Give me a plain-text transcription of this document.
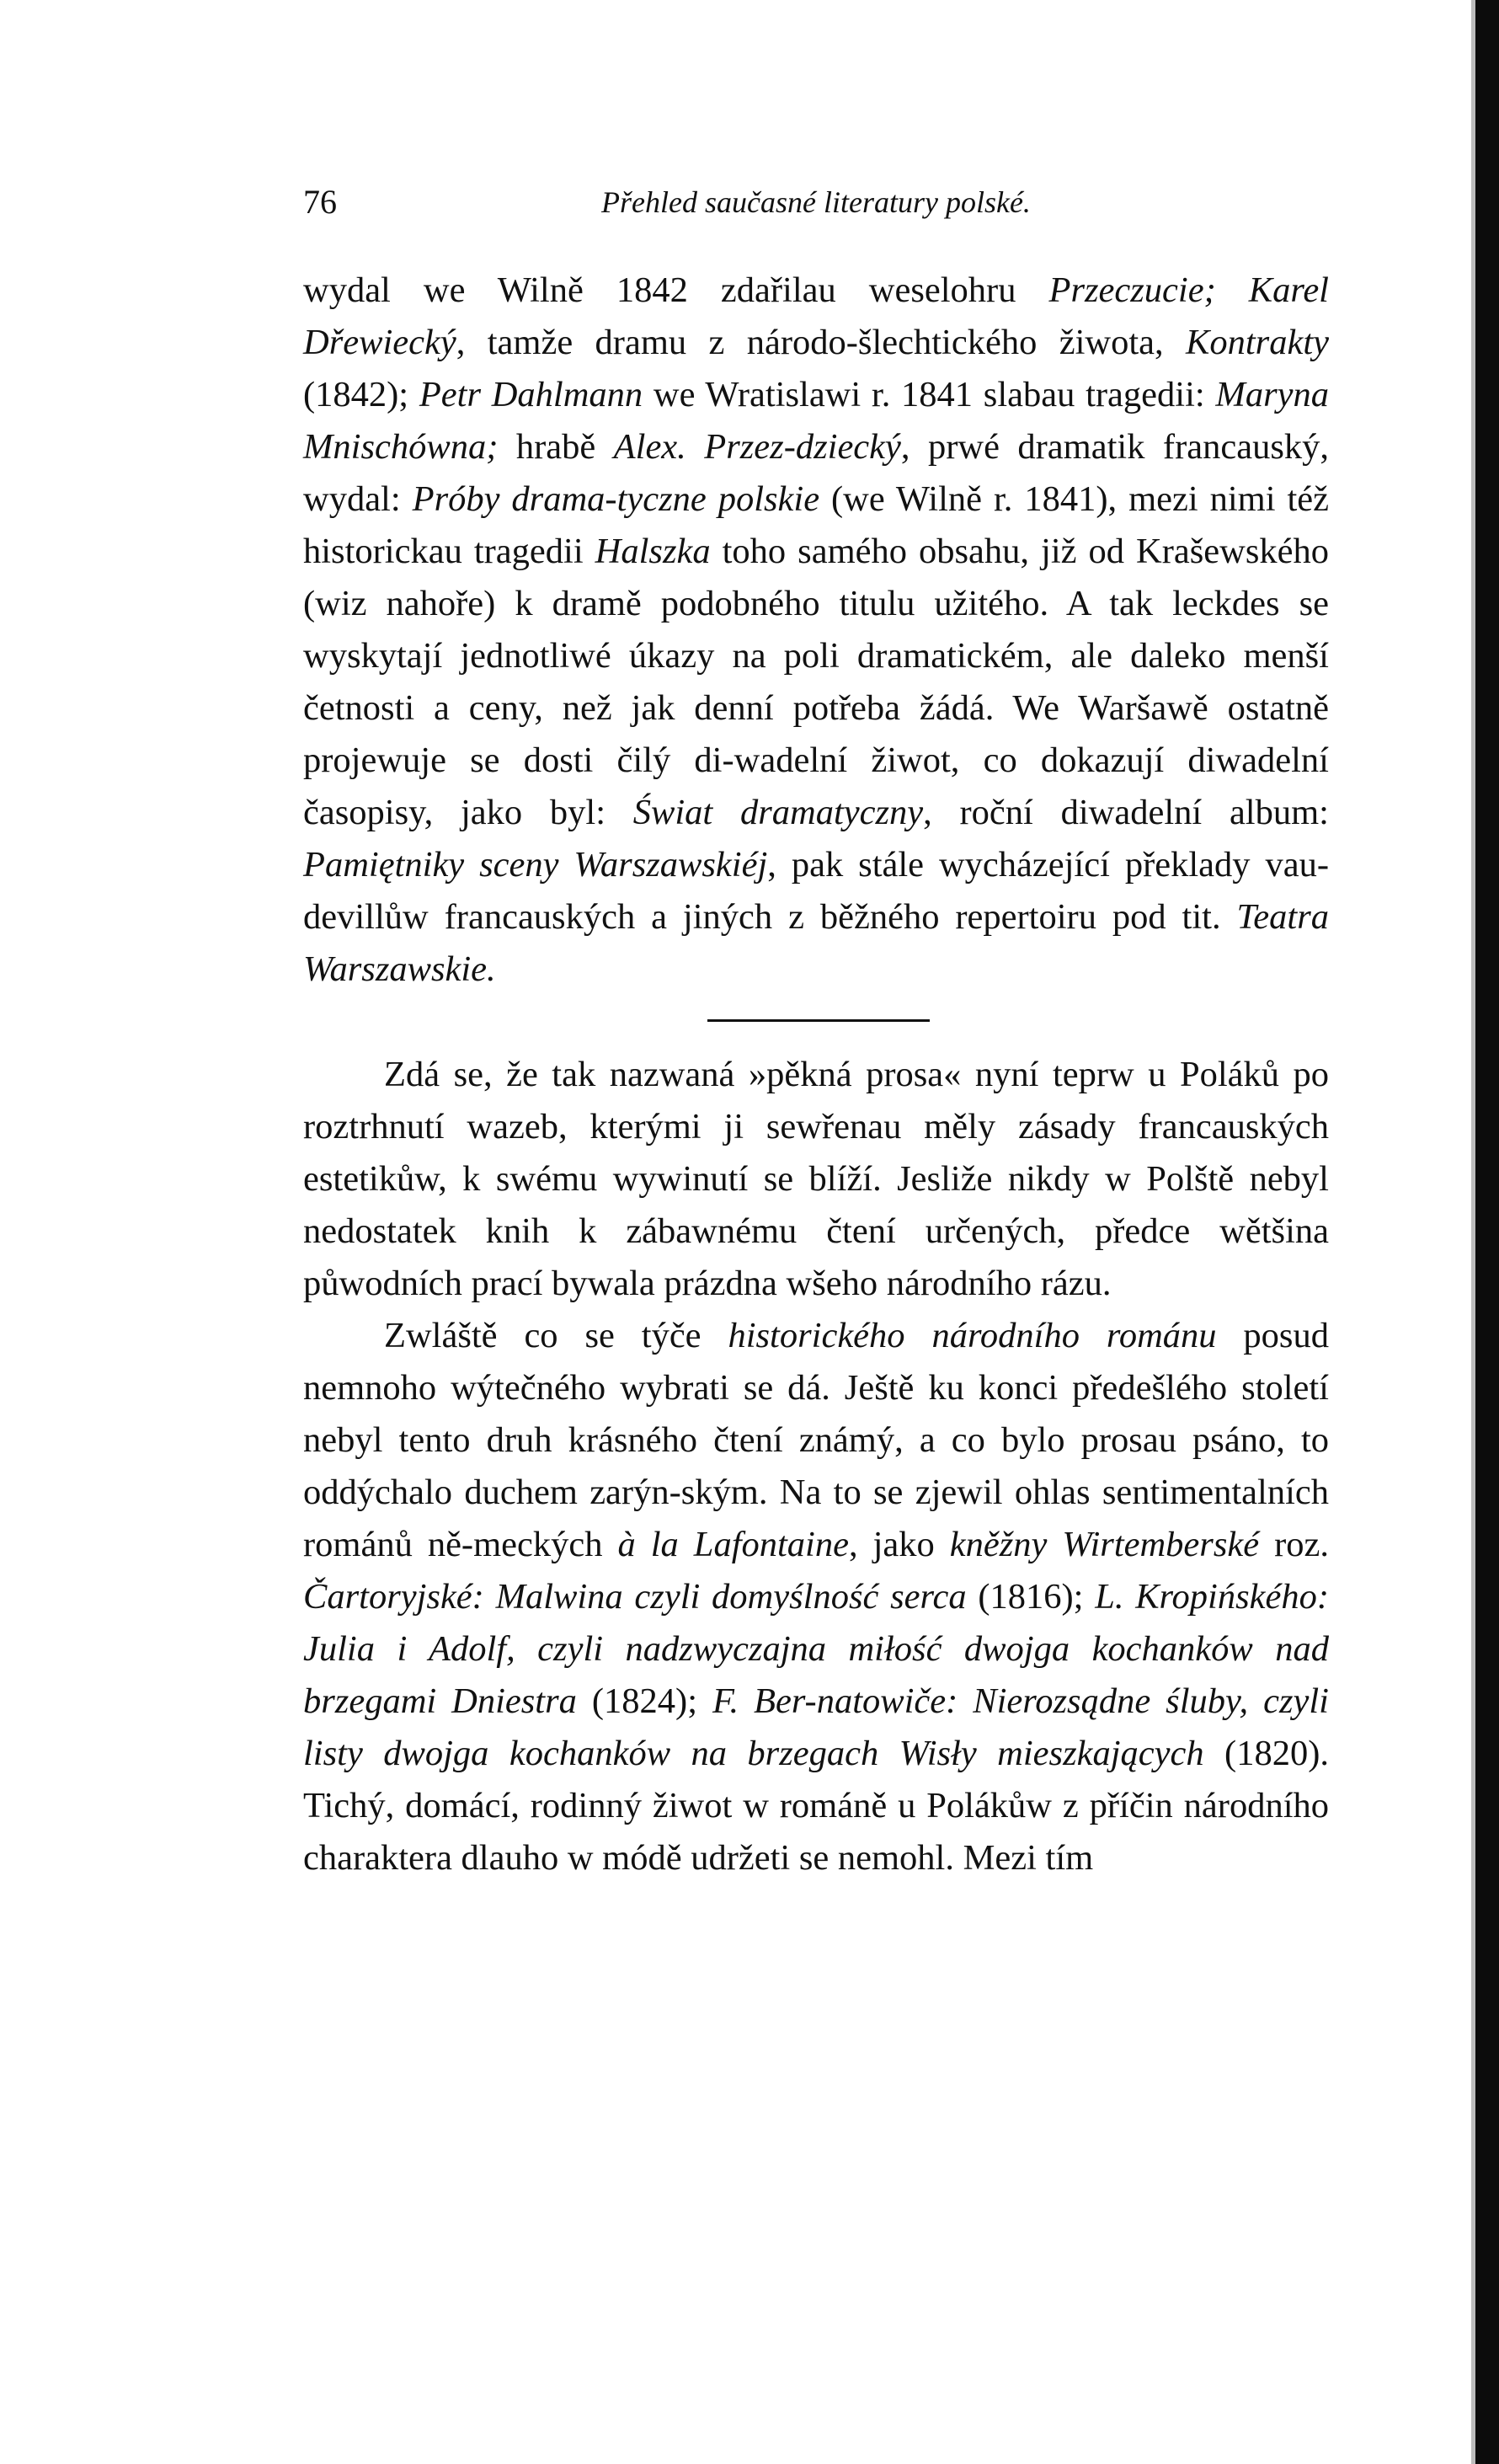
76	Přehled saučasné literatury polské.

wydal we Wilně 1842 zdařilau weselohru Przeczucie; Karel Dřewiecký, tamže dramu z národo-šlechtického žiwota, Kontrakty (1842); Petr Dahlmann we Wratislawi r. 1841 slabau tragedii: Maryna Mnischówna; hrabě Alex. Przez-dziecký, prwé dramatik francauský, wydal: Próby drama-tyczne polskie (we Wilně r. 1841), mezi nimi též historickau tragedii Halszka toho samého obsahu, již od Krašewského (wiz nahoře) k dramě podobného titulu užitého. A tak leckdes se wyskytají jednotliwé úkazy na poli dramatickém, ale daleko menší četnosti a ceny, než jak denní potřeba žádá. We Waršawě ostatně projewuje se dosti čilý di-wadelní žiwot, co dokazují diwadelní časopisy, jako byl: Świat dramatyczny, roční diwadelní album: Pamiętniky sceny Warszawskiéj, pak stále wycházející překlady vau-devillůw francauských a jiných z běžného repertoiru pod tit. Teatra Warszawskie.

Zdá se, že tak nazwaná »pěkná prosa« nyní teprw u Poláků po roztrhnutí wazeb, kterými ji sewřenau měly zásady francauských estetikůw, k swému wywinutí se blíží. Jesliže nikdy w Polště nebyl nedostatek knih k zábawnému čtení určených, předce wětšina půwodních prací bywala prázdna wšeho národního rázu.

Zwláště co se týče historického národního románu posud nemnoho wýtečného wybrati se dá. Ještě ku konci předešlého století nebyl tento druh krásného čtení známý, a co bylo prosau psáno, to oddýchalo duchem zarýn-ským. Na to se zjewil ohlas sentimentalních románů ně-meckých à la Lafontaine, jako kněžny Wirtemberské roz. Čartoryjské: Malwina czyli domyślność serca (1816); L. Kropińského: Julia i Adolf, czyli nadzwyczajna miłość dwojga kochanków nad brzegami Dniestra (1824); F. Ber-natowiče: Nierozsądne śluby, czyli listy dwojga kochanków na brzegach Wisły mieszkających (1820). Tichý, domácí, rodinný žiwot w románě u Polákůw z příčin národního charaktera dlauho w módě udržeti se nemohl. Mezi tím
